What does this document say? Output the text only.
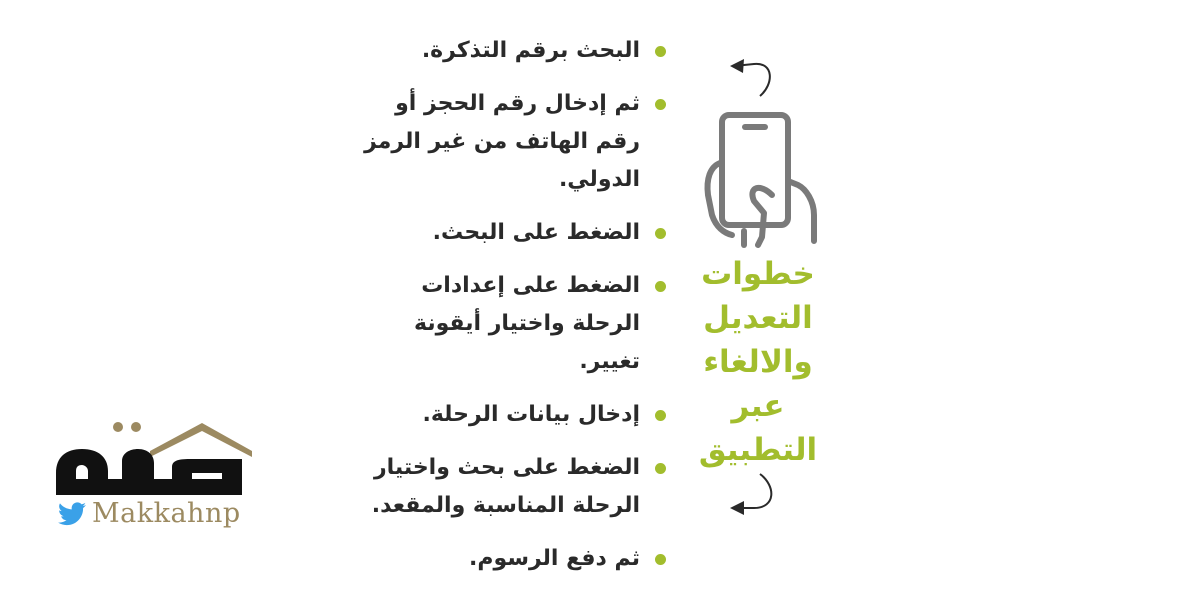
البحث برقم التذكرة.
ثم إدخال رقم الحجز أو رقم الهاتف من غير الرمز الدولي.
الضغط على البحث.
الضغط على إعدادات الرحلة واختيار أيقونة تغيير.
إدخال بيانات الرحلة.
الضغط على بحث واختيار الرحلة المناسبة والمقعد.
ثم دفع الرسوم.
خطوات التعديل والالغاء عبر التطبيق
Makkahnp
